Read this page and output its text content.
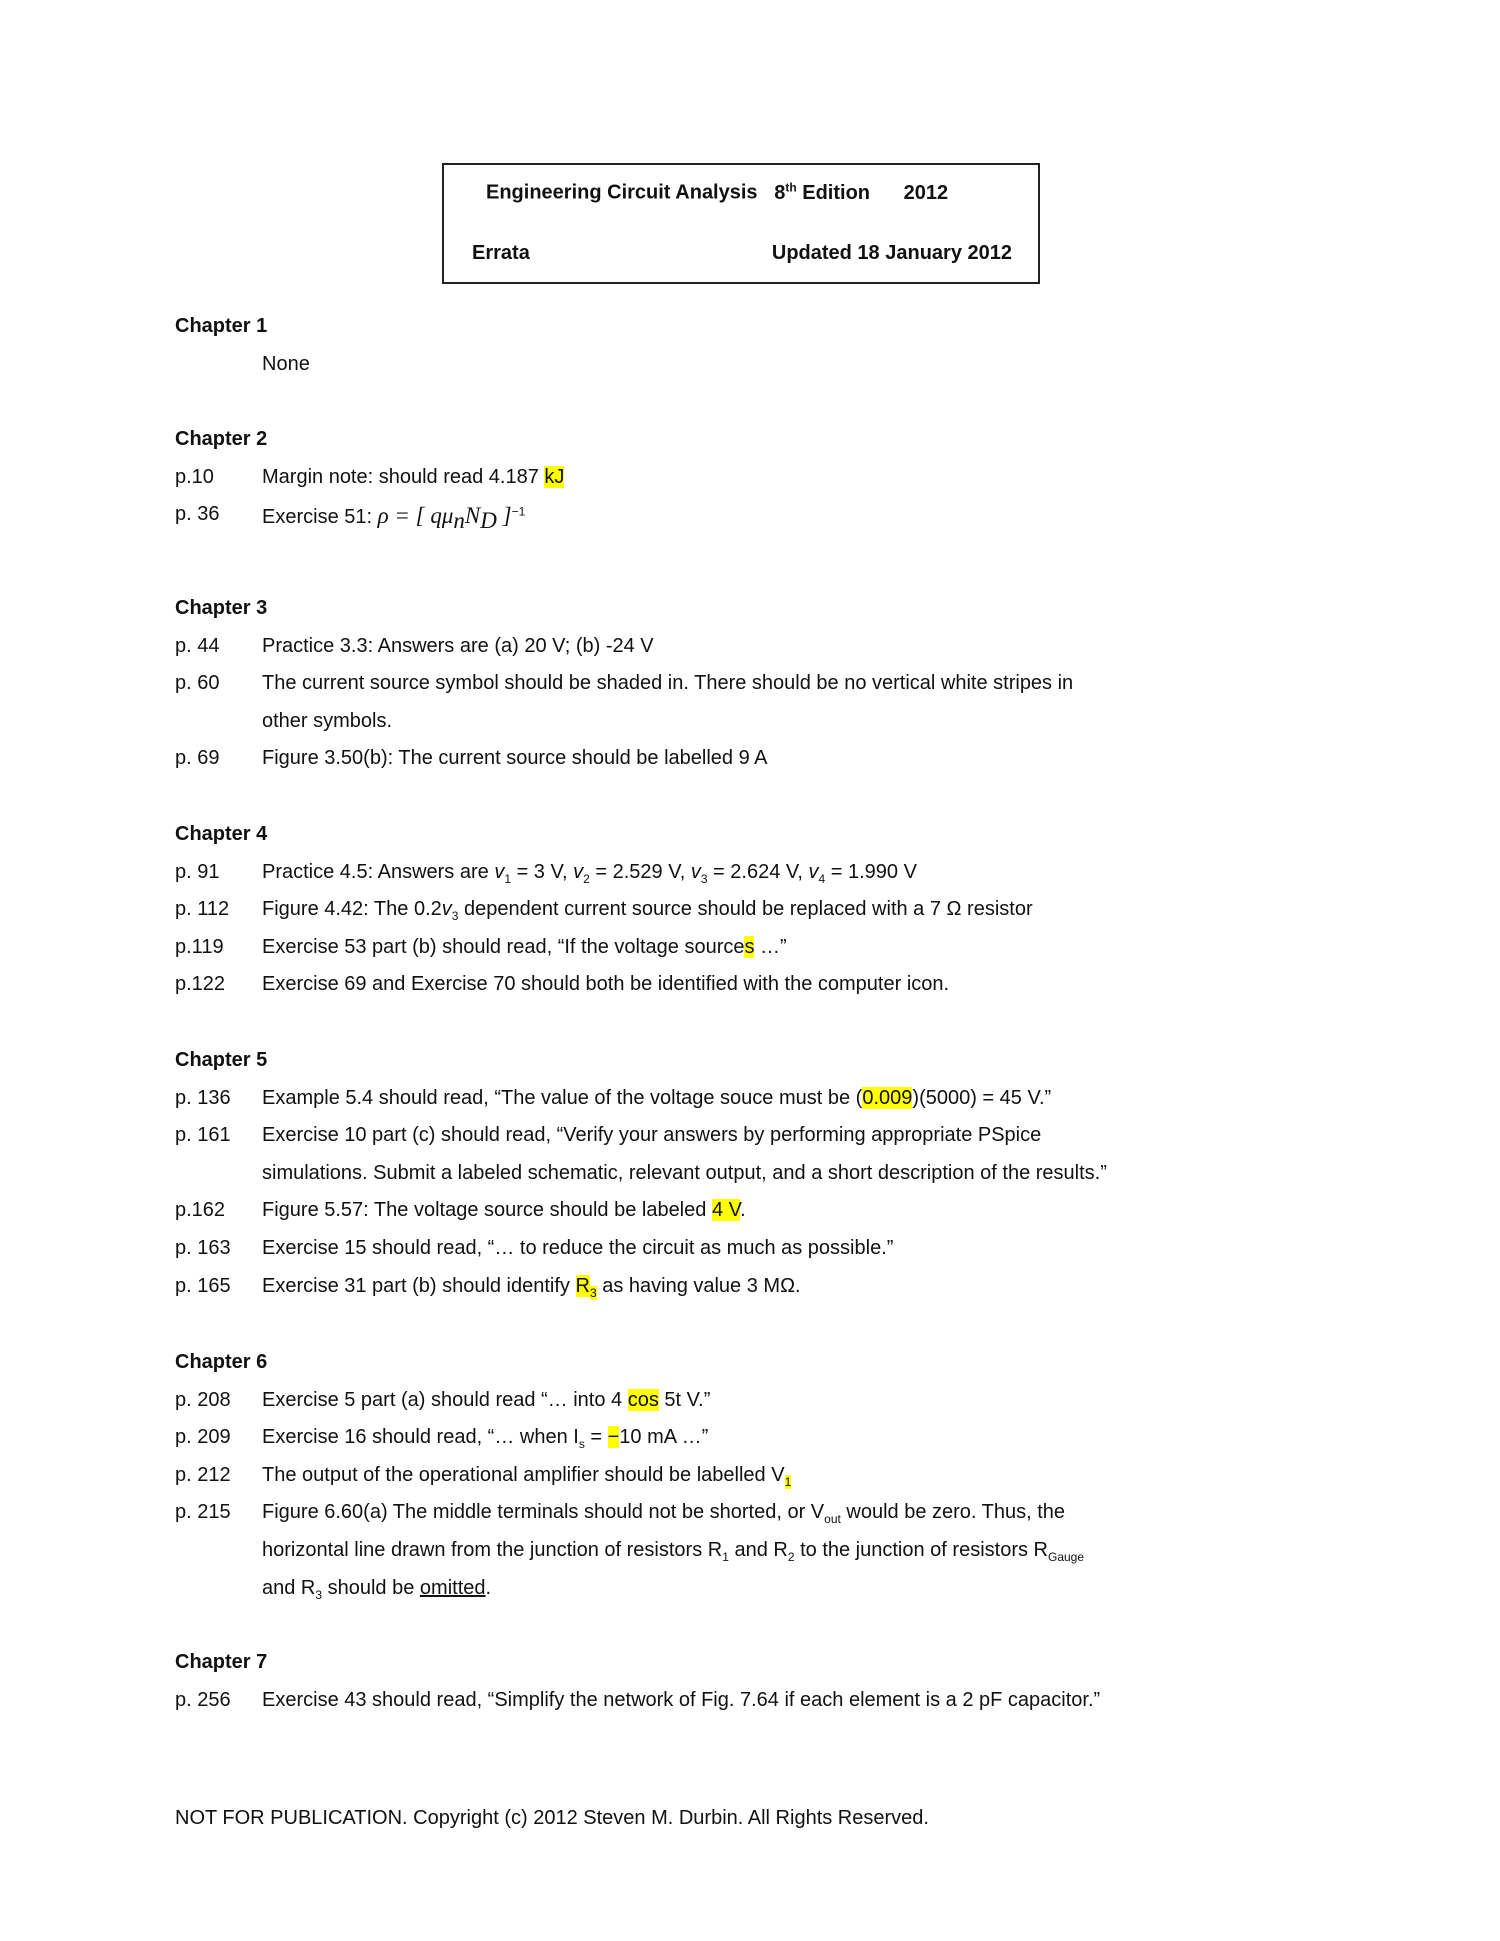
Engineering Circuit Analysis 8th Edition 2012
Errata	Updated 18 January 2012
Chapter 1
None
Chapter 2
p.10 Margin note: should read 4.187 kJ
p. 36 Exercise 51: ρ = [ $q\mu_nN_D$ ]$^{-1}$
Chapter 3
p. 44 Practice 3.3: Answers are (a) 20 V; (b) -24 V
p. 60 The current source symbol should be shaded in. There should be no vertical white stripes in
other symbols.
p. 69 Figure 3.50(b): The current source should be labelled 9 A
Chapter 4
p. 91 Practice 4.5: Answers are $v_1 = 3$ V, $v_2 = 2.529$ V, $v_3 = 2.624$ V, $v_4 = 1.990$ V
p. 112 Figure 4.42: The $0.2v_3$ dependent current source should be replaced with a 7 Ω resistor
p.119 Exercise 53 part (b) should read, “If the voltage sources …”
p.122 Exercise 69 and Exercise 70 should both be identified with the computer icon.
Chapter 5
p. 136 Example 5.4 should read, “The value of the voltage souce must be (0.009)(5000) = 45 V.”
p. 161 Exercise 10 part (c) should read, “Verify your answers by performing appropriate PSpice
simulations. Submit a labeled schematic, relevant output, and a short description of the results.”
p.162 Figure 5.57: The voltage source should be labeled 4 V.
p. 163 Exercise 15 should read, “… to reduce the circuit as much as possible.”
p. 165 Exercise 31 part (b) should identify $R_3$ as having value 3 MΩ.
Chapter 6
p. 208 Exercise 5 part (a) should read “… into 4 cos 5t V.”
p. 209 Exercise 16 should read, “… when $I_s = -10$ mA …”
p. 212 The output of the operational amplifier should be labelled $V_1$
p. 215 Figure 6.60(a) The middle terminals should not be shorted, or $V_{out}$ would be zero. Thus, the
horizontal line drawn from the junction of resistors $R_1$ and $R_2$ to the junction of resistors $R_{Gauge}$
and $R_3$ should be omitted.
Chapter 7
p. 256 Exercise 43 should read, “Simplify the network of Fig. 7.64 if each element is a 2 pF capacitor.”
NOT FOR PUBLICATION. Copyright (c) 2012 Steven M. Durbin. All Rights Reserved.
